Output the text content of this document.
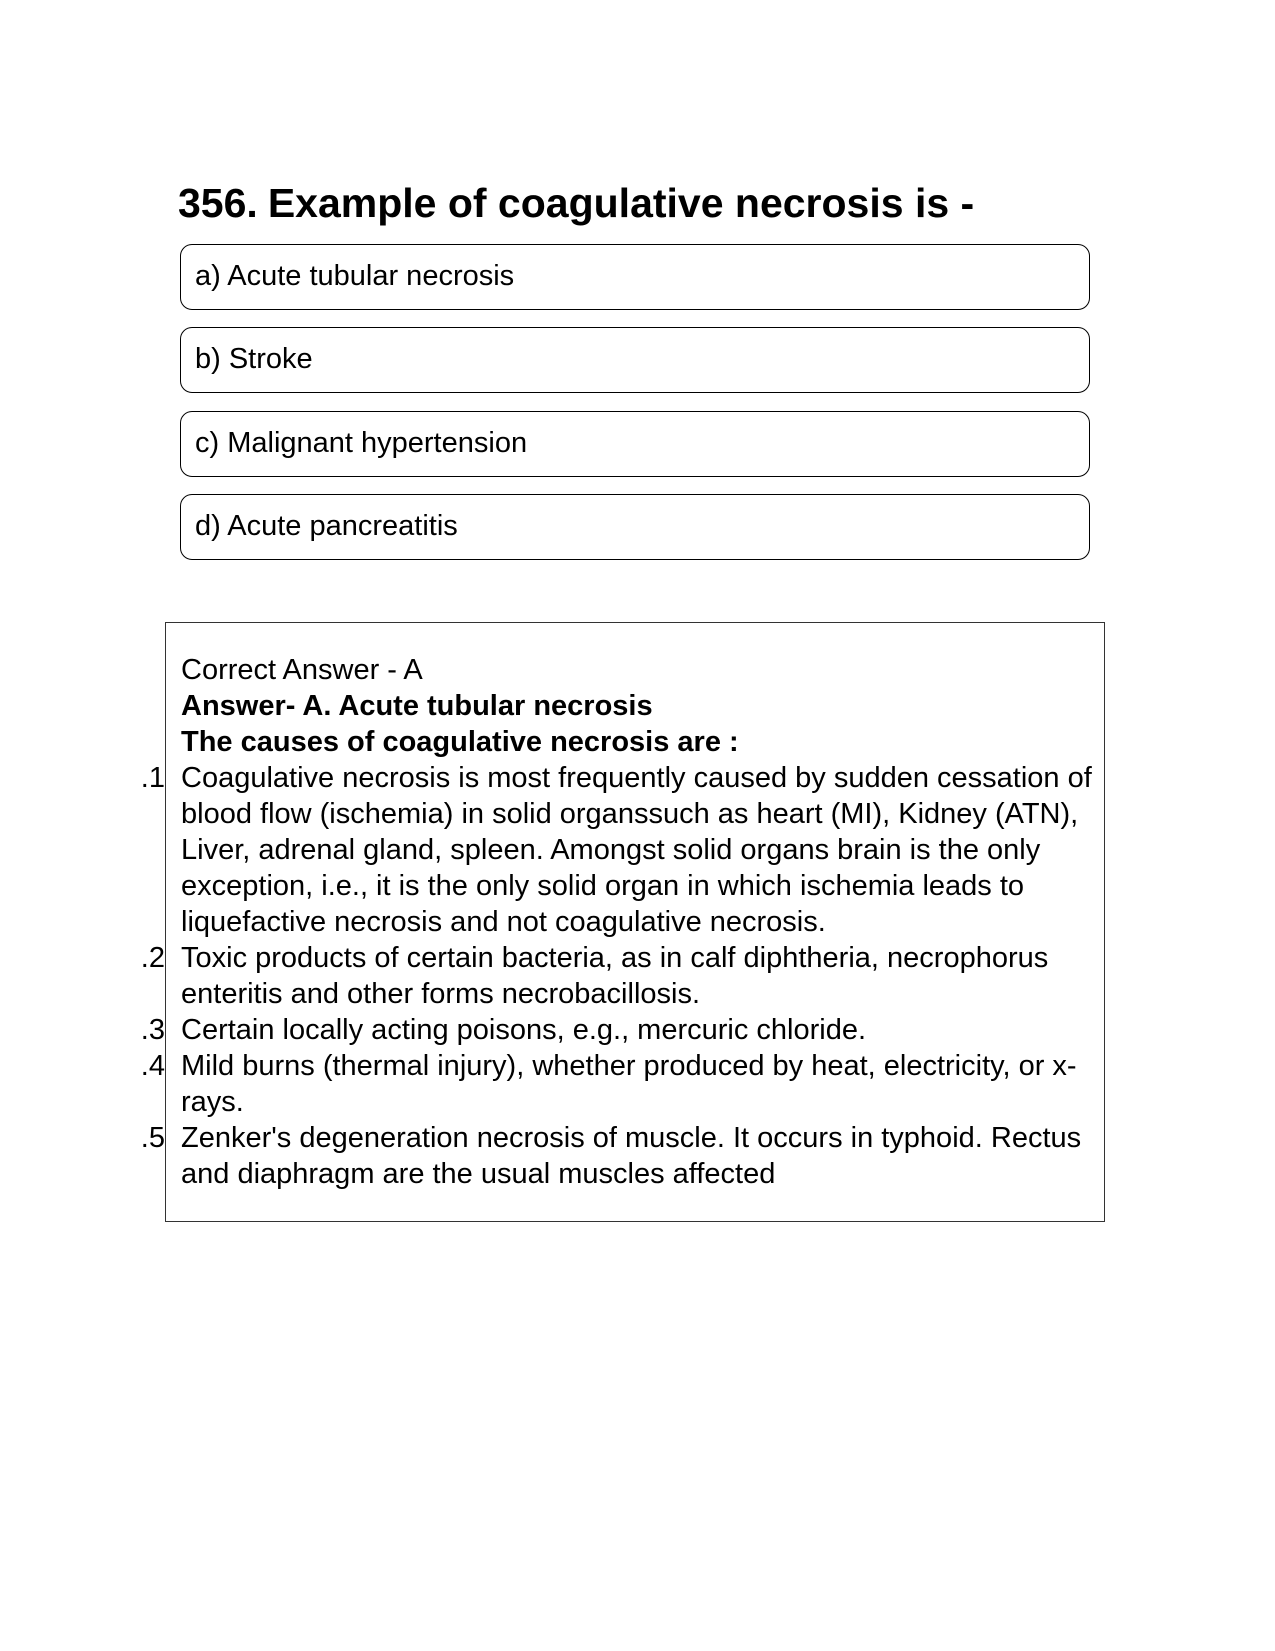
356. Example of coagulative necrosis is -
a) Acute tubular necrosis
b) Stroke
c) Malignant hypertension
d) Acute pancreatitis
Correct Answer - A
Answer- A. Acute tubular necrosis
The causes of coagulative necrosis are :
1. Coagulative necrosis is most frequently caused by sudden cessation of blood flow (ischemia) in solid organssuch as heart (MI), Kidney (ATN), Liver, adrenal gland, spleen. Amongst solid organs brain is the only exception, i.e., it is the only solid organ in which ischemia leads to liquefactive necrosis and not coagulative necrosis.
2. Toxic products of certain bacteria, as in calf diphtheria, necrophorus enteritis and other forms necrobacillosis.
3. Certain locally acting poisons, e.g., mercuric chloride.
4. Mild burns (thermal injury), whether produced by heat, electricity, or x-rays.
5. Zenker's degeneration necrosis of muscle. It occurs in typhoid. Rectus and diaphragm are the usual muscles affected
